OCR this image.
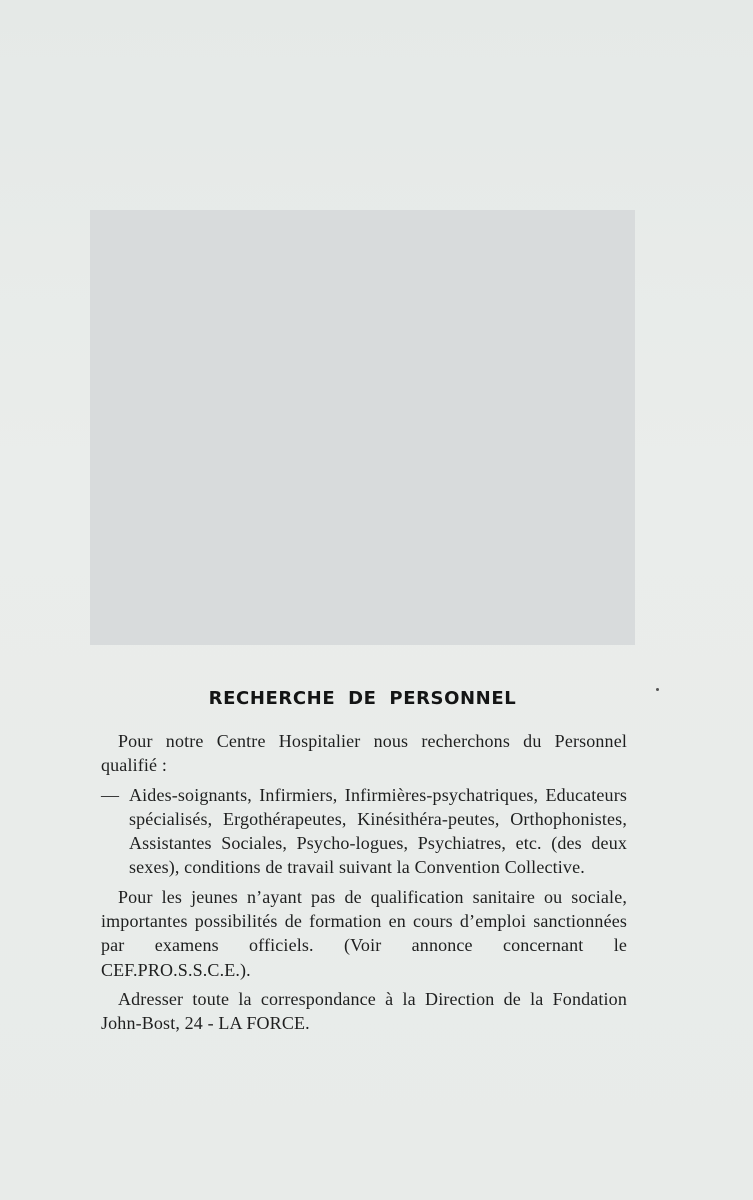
RECHERCHE DE PERSONNEL

Pour notre Centre Hospitalier nous recherchons du Personnel qualifié :

— Aides-soignants, Infirmiers, Infirmières-psychatriques, Educateurs spécialisés, Ergothérapeutes, Kinésithéra-peutes, Orthophonistes, Assistantes Sociales, Psycho-logues, Psychiatres, etc. (des deux sexes), conditions de travail suivant la Convention Collective.

Pour les jeunes n’ayant pas de qualification sanitaire ou sociale, importantes possibilités de formation en cours d’emploi sanctionnées par examens officiels. (Voir annonce concernant le CEF.PRO.S.S.C.E.).

Adresser toute la correspondance à la Direction de la Fondation John-Bost, 24 - LA FORCE.
